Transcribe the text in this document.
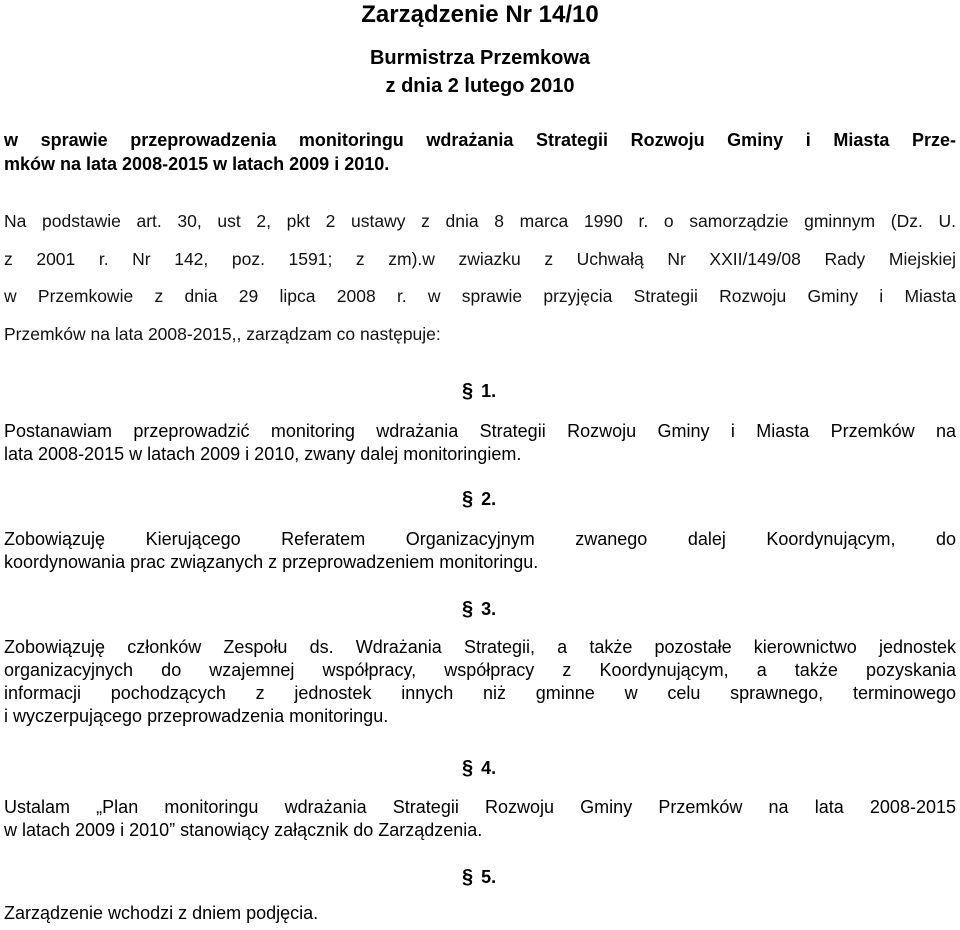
Zarządzenie Nr 14/10

Burmistrza Przemkowa

z dnia 2 lutego 2010

w sprawie przeprowadzenia monitoringu wdrażania Strategii Rozwoju Gminy i Miasta Prze-
mków na lata 2008-2015 w latach 2009 i 2010.

Na podstawie art. 30, ust 2, pkt 2 ustawy z dnia 8 marca 1990 r. o samorządzie gminnym (Dz. U.
z 2001 r. Nr 142, poz. 1591; z zm).w zwiazku z Uchwałą Nr XXII/149/08 Rady Miejskiej
w Przemkowie z dnia 29 lipca 2008 r. w sprawie przyjęcia Strategii Rozwoju Gminy i Miasta
Przemków na lata 2008-2015,, zarządzam co następuje:

§ 1.

Postanawiam przeprowadzić monitoring wdrażania Strategii Rozwoju Gminy i Miasta Przemków na
lata 2008-2015 w latach 2009 i 2010, zwany dalej monitoringiem.

§ 2.

Zobowiązuję Kierującego Referatem Organizacyjnym zwanego dalej Koordynującym, do
koordynowania prac związanych z przeprowadzeniem monitoringu.

§ 3.

Zobowiązuję członków Zespołu ds. Wdrażania Strategii, a także pozostałe kierownictwo jednostek
organizacyjnych do wzajemnej współpracy, współpracy z Koordynującym, a także pozyskania
informacji pochodzących z jednostek innych niż gminne w celu sprawnego, terminowego
i wyczerpującego przeprowadzenia monitoringu.

§ 4.

Ustalam „Plan monitoringu wdrażania Strategii Rozwoju Gminy Przemków na lata 2008-2015
w latach 2009 i 2010” stanowiący załącznik do Zarządzenia.

§ 5.

Zarządzenie wchodzi z dniem podjęcia.
